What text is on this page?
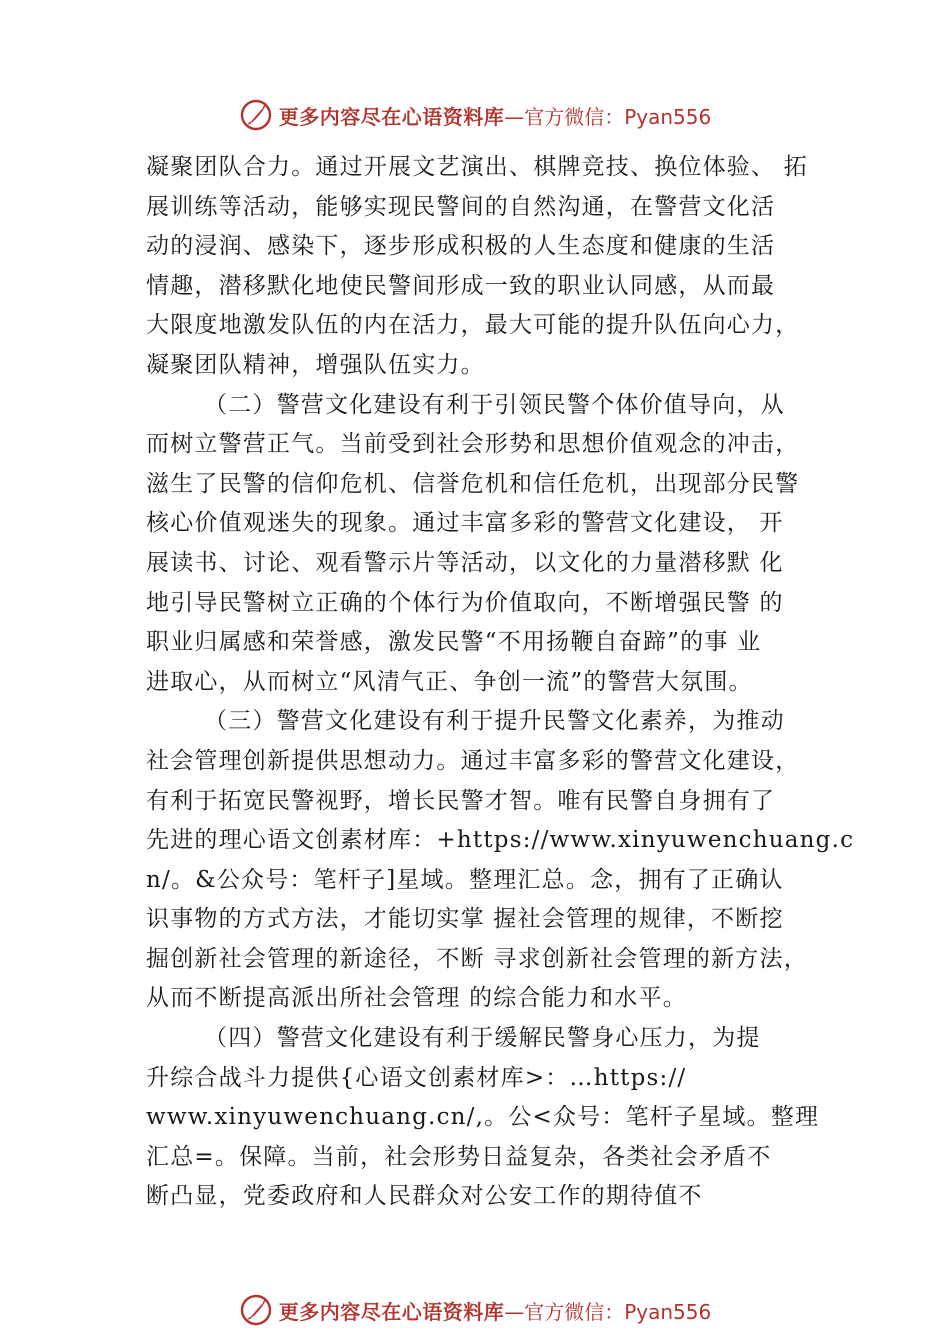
更多内容尽在心语资料库 —官方微信：Pyan556
凝聚团队合力。通过开展文艺演出、棋牌竞技、换位体验、 拓
展训练等活动，能够实现民警间的自然沟通，在警营文化活
动的浸润、感染下，逐步形成积极的人生态度和健康的生活
情趣，潜移默化地使民警间形成一致的职业认同感，从而最
大限度地激发队伍的内在活力，最大可能的提升队伍向心力，
凝聚团队精神，增强队伍实力。
（二）警营文化建设有利于引领民警个体价值导向，从
而树立警营正气。当前受到社会形势和思想价值观念的冲击，
滋生了民警的信仰危机、信誉危机和信任危机，出现部分民警
核心价值观迷失的现象。通过丰富多彩的警营文化建设， 开
展读书、讨论、观看警示片等活动，以文化的力量潜移默 化
地引导民警树立正确的个体行为价值取向，不断增强民警 的
职业归属感和荣誉感，激发民警“不用扬鞭自奋蹄”的事 业
进取心，从而树立“风清气正、争创一流”的警营大氛围。
（三）警营文化建设有利于提升民警文化素养，为推动
社会管理创新提供思想动力。通过丰富多彩的警营文化建设，
有利于拓宽民警视野，增长民警才智。唯有民警自身拥有了
先进的理心语文创素材库：+https://www.xinyuwenchuang.c
n/。&公众号：笔杆子]星域。整理汇总。念，拥有了正确认
识事物的方式方法，才能切实掌 握社会管理的规律，不断挖
掘创新社会管理的新途径，不断 寻求创新社会管理的新方法，
从而不断提高派出所社会管理 的综合能力和水平。
（四）警营文化建设有利于缓解民警身心压力，为提
升综合战斗力提供{心语文创素材库>：…https://
www.xinyuwenchuang.cn/,。公<众号：笔杆子星域。整理
汇总=。保障。当前，社会形势日益复杂，各类社会矛盾不
断凸显，党委政府和人民群众对公安工作的期待值不
更多内容尽在心语资料库 —官方微信：Pyan556
